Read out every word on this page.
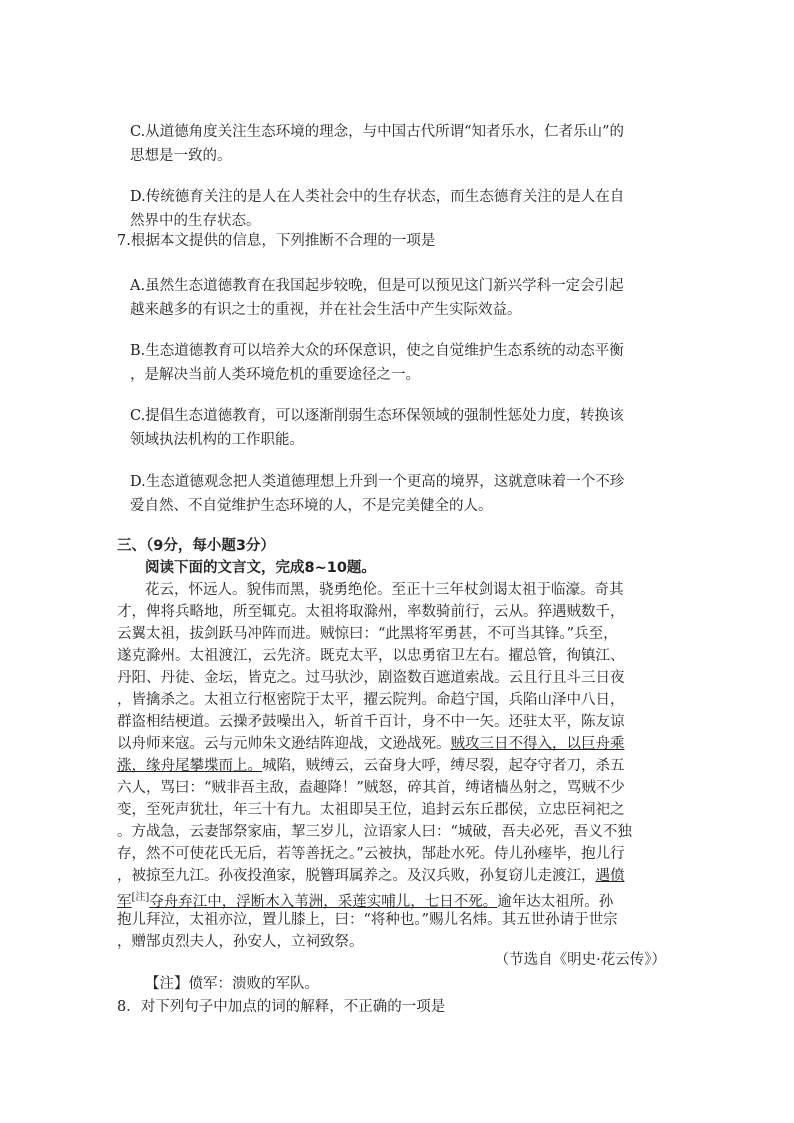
C.从道德角度关注生态环境的理念，与中国古代所谓“知者乐水，仁者乐山”的
思想是一致的。
D.传统德育关注的是人在人类社会中的生存状态，而生态德育关注的是人在自
然界中的生存状态。
7.根据本文提供的信息，下列推断不合理的一项是
A.虽然生态道德教育在我国起步较晚，但是可以预见这门新兴学科一定会引起
越来越多的有识之士的重视，并在社会生活中产生实际效益。
B.生态道德教育可以培养大众的环保意识，使之自觉维护生态系统的动态平衡
，是解决当前人类环境危机的重要途径之一。
C.提倡生态道德教育，可以逐渐削弱生态环保领域的强制性惩处力度，转换该
领域执法机构的工作职能。
D.生态道德观念把人类道德理想上升到一个更高的境界，这就意味着一个不珍
爱自然、不自觉维护生态环境的人，不是完美健全的人。
三、（9分，每小题3分）
阅读下面的文言文，完成8~10题。
花云，怀远人。貌伟而黑，骁勇绝伦。至正十三年杖剑谒太祖于临濠。奇其
才，俾将兵略地，所至辄克。太祖将取滁州，率数骑前行，云从。猝遇贼数千，
云翼太祖，拔剑跃马冲阵而进。贼惊曰：“此黑将军勇甚，不可当其锋。”兵至，
遂克滁州。太祖渡江，云先济。既克太平，以忠勇宿卫左右。擢总管，徇镇江、
丹阳、丹徒、金坛，皆克之。过马驮沙，剧盗数百遮道索战。云且行且斗三日夜
，皆擒杀之。太祖立行枢密院于太平，擢云院判。命趋宁国，兵陷山泽中八日，
群盗相结梗道。云操矛鼓噪出入，斩首千百计，身不中一矢。还驻太平，陈友谅
以舟师来寇。云与元帅朱文逊结阵迎战，文逊战死。贼攻三日不得入，以巨舟乘
涨，缘舟尾攀堞而上。城陷，贼缚云，云奋身大呼，缚尽裂，起夺守者刀，杀五
六人，骂曰：“贼非吾主敌，盍趣降！”贼怒，碎其首，缚诸樯丛射之，骂贼不少
变，至死声犹壮，年三十有九。太祖即吴王位，追封云东丘郡侯，立忠臣祠祀之
。方战急，云妻郜祭家庙，挈三岁儿，泣语家人曰：“城破，吾夫必死，吾义不独
存，然不可使花氏无后，若等善抚之。”云被执，郜赴水死。侍儿孙瘗毕，抱儿行
，被掠至九江。孙夜投渔家，脱簪珥属养之。及汉兵败，孙复窃儿走渡江，遇偾
军[注]夺舟弃江中，浮断木入苇洲，采莲实哺儿，七日不死。逾年达太祖所。孙
抱儿拜泣，太祖亦泣，置儿膝上，曰：“将种也。”赐儿名炜。其五世孙请于世宗
，赠郜贞烈夫人，孙安人，立祠致祭。
（节选自《明史·花云传》）
【注】偾军：溃败的军队。
8．对下列句子中加点的词的解释，不正确的一项是
